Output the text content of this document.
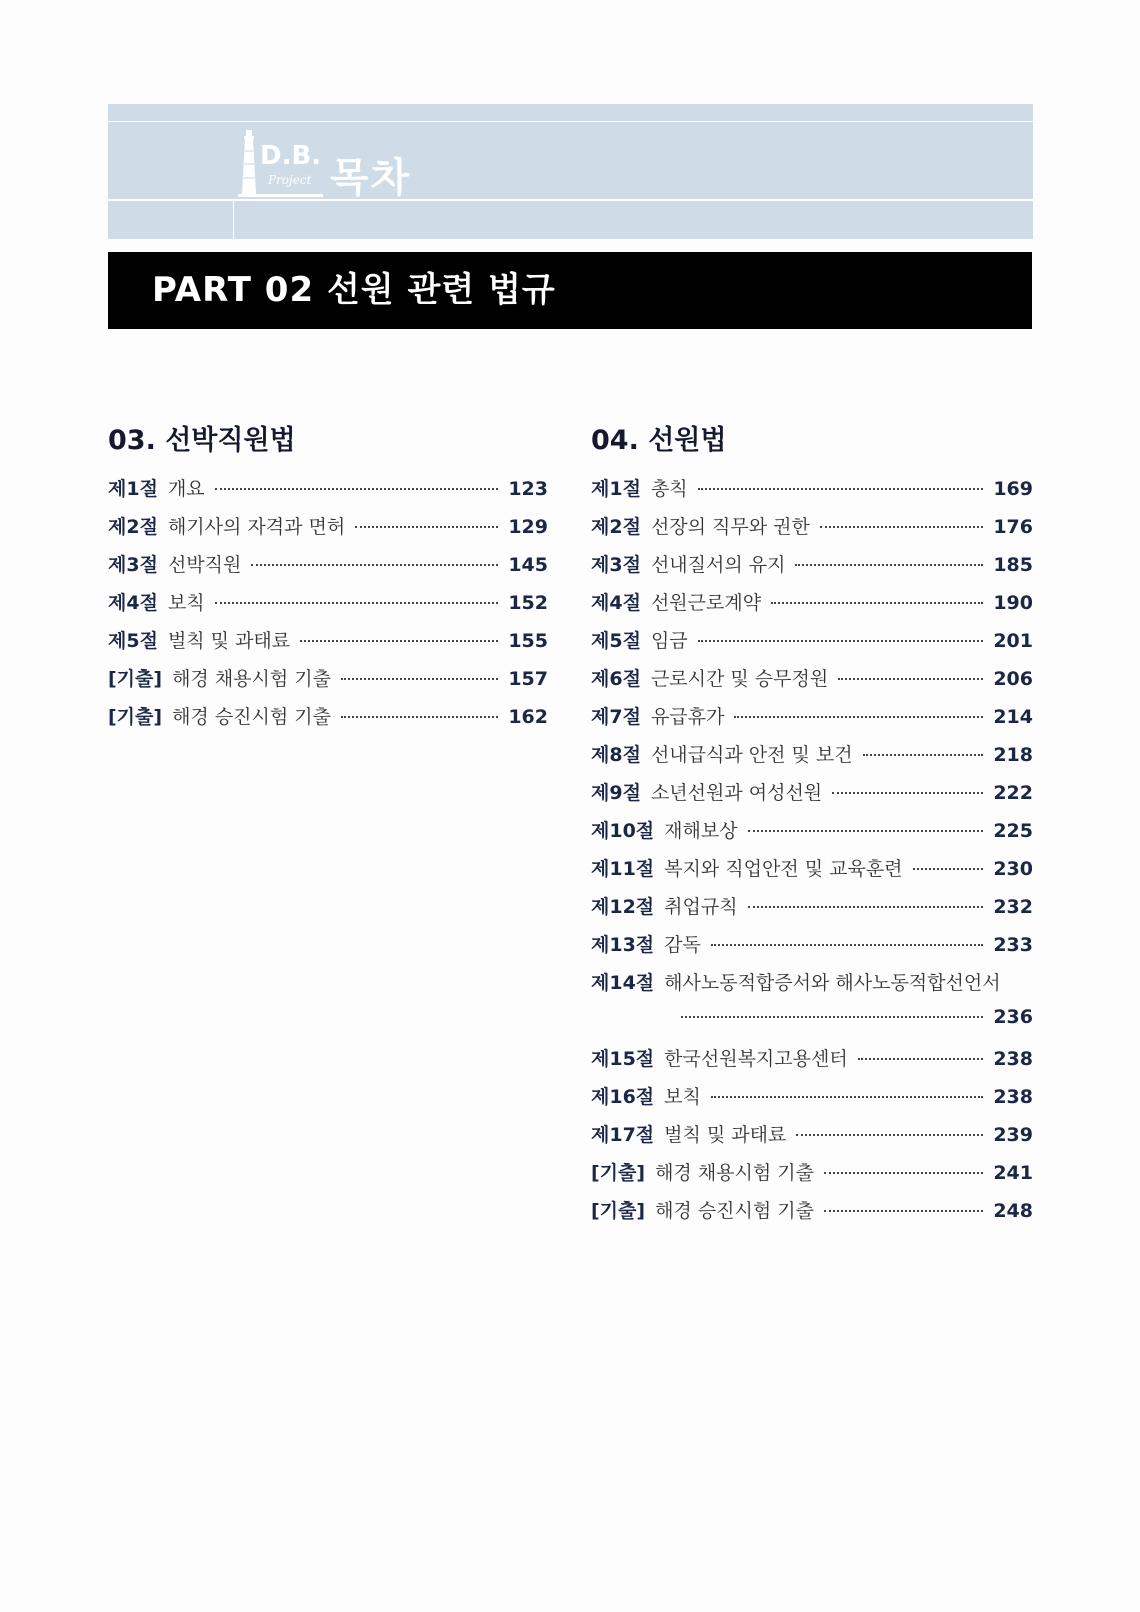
D.B.
Project 목차
PART 02 선원 관련 법규
03. 선박직원법
제1절 개요	123
제2절 해기사의 자격과 면허	129
제3절 선박직원	145
제4절 보칙	152
제5절 벌칙 및 과태료	155
[기출] 해경 채용시험 기출	157
[기출] 해경 승진시험 기출	162
04. 선원법
제1절 총칙	169
제2절 선장의 직무와 권한	176
제3절 선내질서의 유지	185
제4절 선원근로계약	190
제5절 임금	201
제6절 근로시간 및 승무정원	206
제7절 유급휴가	214
제8절 선내급식과 안전 및 보건	218
제9절 소년선원과 여성선원	222
제10절 재해보상	225
제11절 복지와 직업안전 및 교육훈련	230
제12절 취업규칙	232
제13절 감독	233
제14절 해사노동적합증서와 해사노동적합선언서
236
제15절 한국선원복지고용센터	238
제16절 보칙	238
제17절 벌칙 및 과태료	239
[기출] 해경 채용시험 기출	241
[기출] 해경 승진시험 기출	248
